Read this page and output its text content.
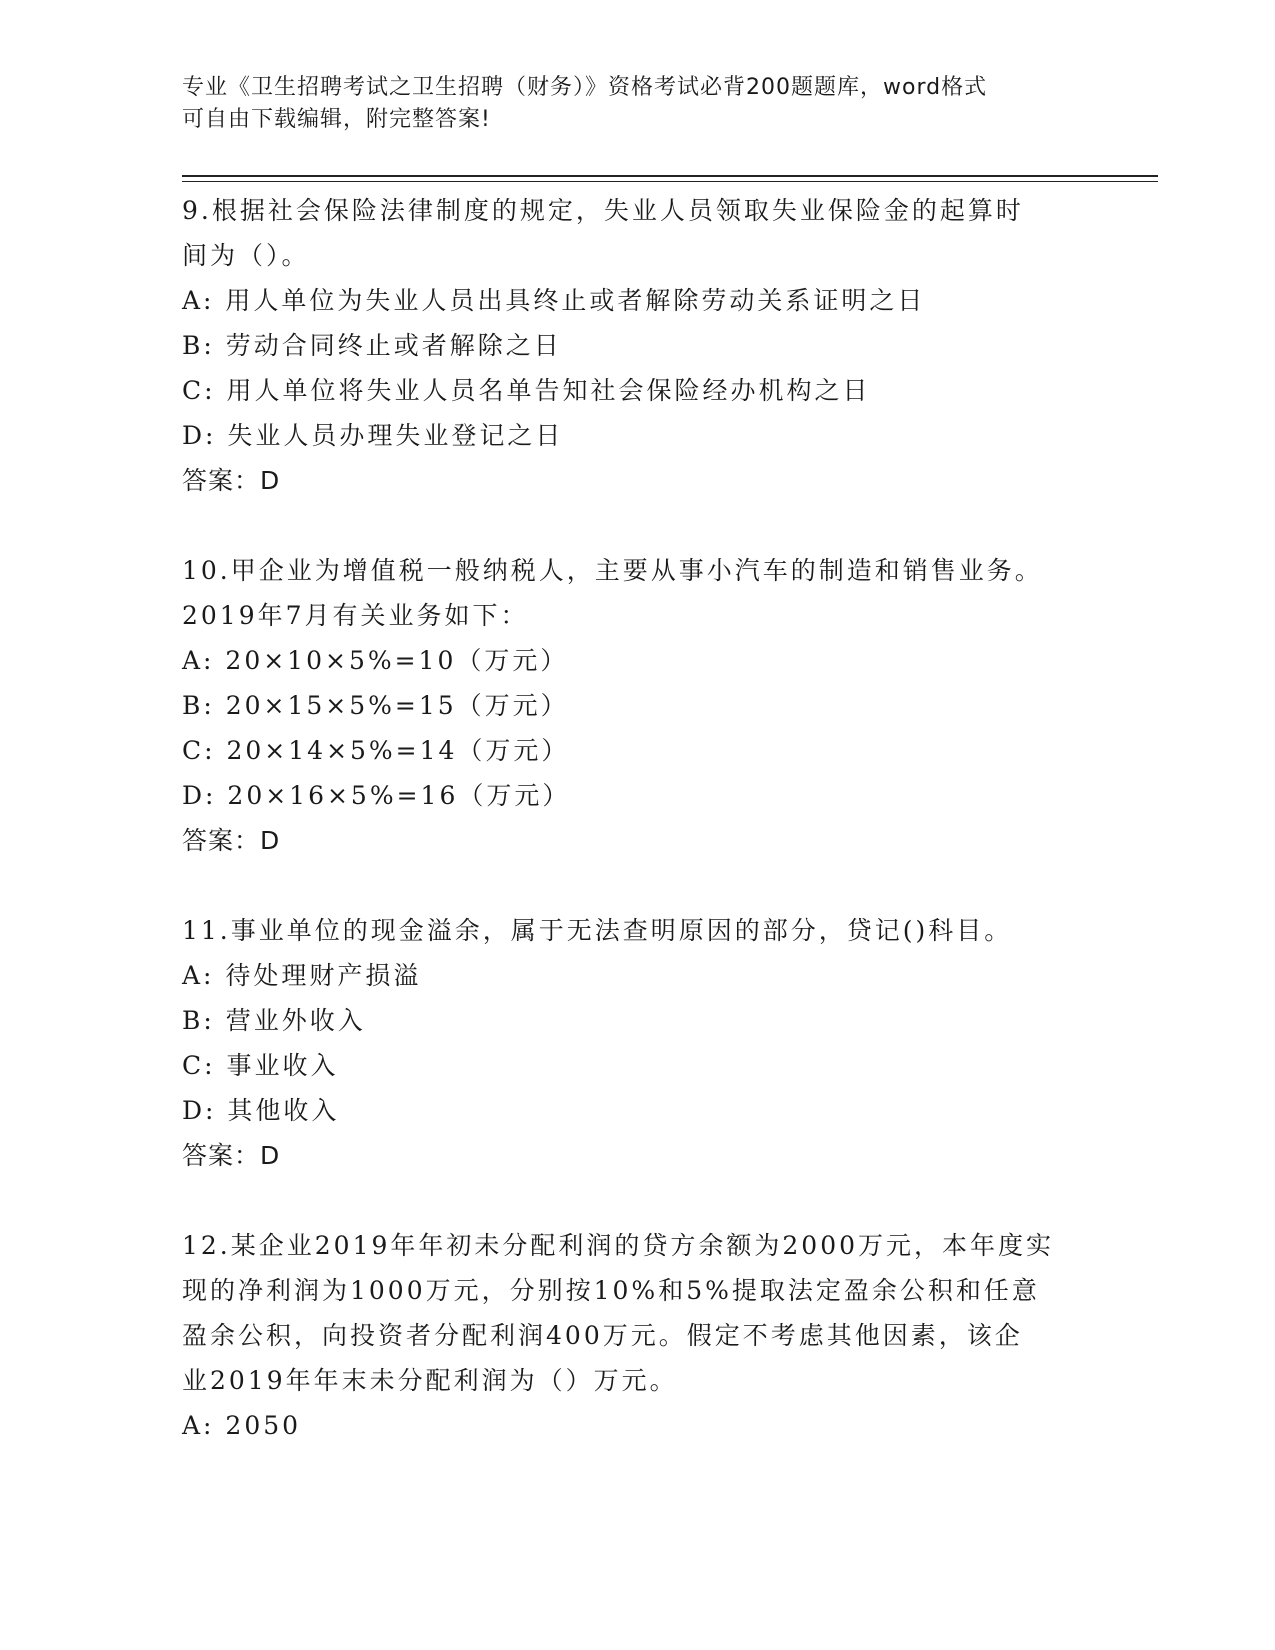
专业《卫生招聘考试之卫生招聘（财务）》资格考试必背200题题库，word格式
可自由下载编辑，附完整答案!
9.根据社会保险法律制度的规定，失业人员领取失业保险金的起算时
间为（）。
A: 用人单位为失业人员出具终止或者解除劳动关系证明之日
B: 劳动合同终止或者解除之日
C: 用人单位将失业人员名单告知社会保险经办机构之日
D: 失业人员办理失业登记之日
答案：D
10.甲企业为增值税一般纳税人，主要从事小汽车的制造和销售业务。
2019年7月有关业务如下：
A: 20×10×5%=10（万元）
B: 20×15×5%=15（万元）
C: 20×14×5%=14（万元）
D: 20×16×5%=16（万元）
答案：D
11.事业单位的现金溢余，属于无法查明原因的部分，贷记()科目。
A: 待处理财产损溢
B: 营业外收入
C: 事业收入
D: 其他收入
答案：D
12.某企业2019年年初未分配利润的贷方余额为2000万元，本年度实
现的净利润为1000万元，分别按10%和5%提取法定盈余公积和任意
盈余公积，向投资者分配利润400万元。假定不考虑其他因素，该企
业2019年年末未分配利润为（）万元。
A: 2050
